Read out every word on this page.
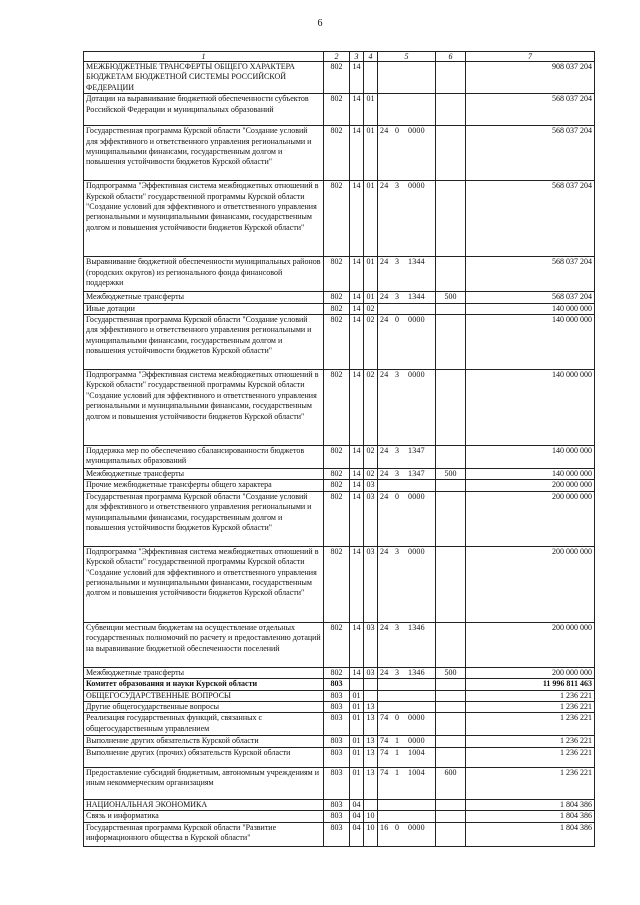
6
1	2	3	4	5	6	7
МЕЖБЮДЖЕТНЫЕ ТРАНСФЕРТЫ ОБЩЕГО ХАРАКТЕРА БЮДЖЕТАМ БЮДЖЕТНОЙ СИСТЕМЫ РОССИЙСКОЙ ФЕДЕРАЦИИ	802	14				908 037 204
Дотации на выравнивание бюджетной обеспеченности субъектов Российской Федерации и муниципальных образований	802	14	01			568 037 204
Государственная программа Курской области "Создание условий для эффективного и ответственного управления региональными и муниципальными финансами, государственным долгом и повышения устойчивости бюджетов Курской области"	802	14	01	24 0 0000		568 037 204
Подпрограмма "Эффективная система межбюджетных отношений в Курской области" государственной программы Курской области "Создание условий для эффективного и ответственного управления региональными и муниципальными финансами, государственным долгом и повышения устойчивости бюджетов Курской области"	802	14	01	24 3 0000		568 037 204
Выравнивание бюджетной обеспеченности муниципальных районов (городских округов) из регионального фонда финансовой поддержки	802	14	01	24 3 1344		568 037 204
Межбюджетные трансферты	802	14	01	24 3 1344	500	568 037 204
Иные дотации	802	14	02			140 000 000
Государственная программа Курской области "Создание условий для эффективного и ответственного управления региональными и муниципальными финансами, государственным долгом и повышения устойчивости бюджетов Курской области"	802	14	02	24 0 0000		140 000 000
Подпрограмма "Эффективная система межбюджетных отношений в Курской области" государственной программы Курской области "Создание условий для эффективного и ответственного управления региональными и муниципальными финансами, государственным долгом и повышения устойчивости бюджетов Курской области"	802	14	02	24 3 0000		140 000 000
Поддержка мер по обеспечению сбалансированности бюджетов муниципальных образований	802	14	02	24 3 1347		140 000 000
Межбюджетные трансферты	802	14	02	24 3 1347	500	140 000 000
Прочие межбюджетные трансферты общего характера	802	14	03			200 000 000
Государственная программа Курской области "Создание условий для эффективного и ответственного управления региональными и муниципальными финансами, государственным долгом и повышения устойчивости бюджетов Курской области"	802	14	03	24 0 0000		200 000 000
Подпрограмма "Эффективная система межбюджетных отношений в Курской области" государственной программы Курской области "Создание условий для эффективного и ответственного управления региональными и муниципальными финансами, государственным долгом и повышения устойчивости бюджетов Курской области"	802	14	03	24 3 0000		200 000 000
Субвенции местным бюджетам на осуществление отдельных государственных полномочий по расчету и предоставлению дотаций на выравнивание бюджетной обеспеченности поселений	802	14	03	24 3 1346		200 000 000
Межбюджетные трансферты	802	14	03	24 3 1346	500	200 000 000
Комитет образования и науки Курской области	803					11 996 811 463
ОБЩЕГОСУДАРСТВЕННЫЕ ВОПРОСЫ	803	01				1 236 221
Другие общегосударственные вопросы	803	01	13			1 236 221
Реализация государственных функций, связанных с общегосударственным управлением	803	01	13	74 0 0000		1 236 221
Выполнение других обязательств Курской области	803	01	13	74 1 0000		1 236 221
Выполнение других (прочих) обязательств Курской области	803	01	13	74 1 1004		1 236 221
Предоставление субсидий бюджетным, автономным учреждениям и иным некоммерческим организациям	803	01	13	74 1 1004	600	1 236 221
НАЦИОНАЛЬНАЯ ЭКОНОМИКА	803	04				1 804 386
Связь и информатика	803	04	10			1 804 386
Государственная программа Курской области "Развитие информационного общества в Курской области"	803	04	10	16 0 0000		1 804 386
